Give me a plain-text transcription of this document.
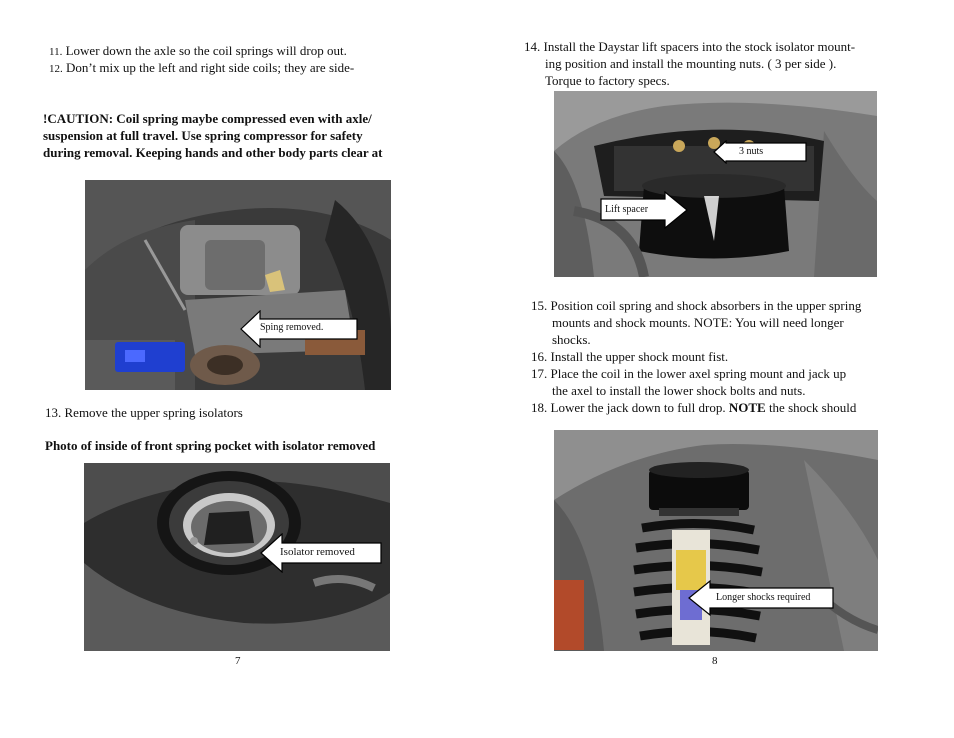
11. Lower down the axle so the coil springs will drop out.
12. Don’t mix up the left and right side coils; they are side-
!CAUTION: Coil spring maybe compressed even with axle/
suspension at full travel. Use spring compressor for safety
during removal. Keeping hands and other body parts clear at
Sping removed.
13. Remove the upper spring isolators
Photo of inside of front spring pocket with isolator removed
Isolator removed
7
14. Install the Daystar lift spacers into the stock isolator mount-
ing position and install the mounting nuts. ( 3 per side ).
Torque to factory specs.
3 nuts
Lift spacer
15. Position coil spring and shock absorbers in the upper spring
mounts and shock mounts. NOTE: You will need longer
shocks.
16. Install the upper shock mount fist.
17. Place the coil in the lower axel spring mount and jack up
the axel to install the lower shock bolts and nuts.
18. Lower the jack down to full drop. NOTE the shock should
Longer shocks required
8
